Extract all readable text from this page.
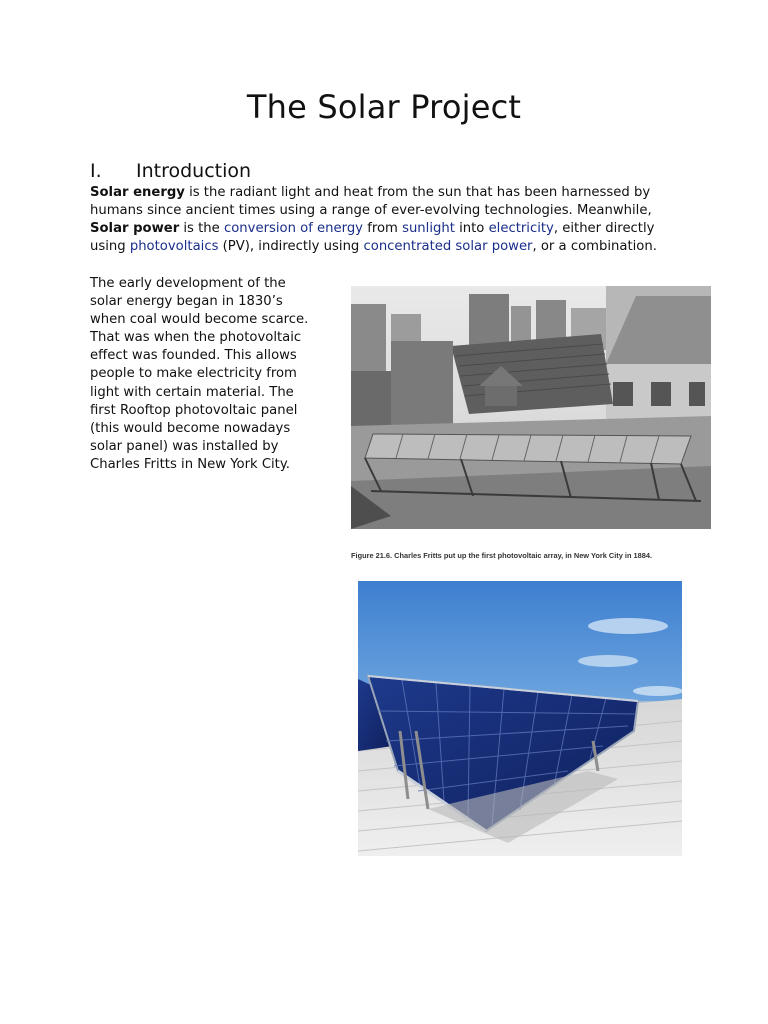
The Solar Project
I. Introduction

Solar energy is the radiant light and heat from the sun that has been harnessed by humans since ancient times using a range of ever-evolving technologies. Meanwhile, Solar power is the conversion of energy from sunlight into electricity, either directly using photovoltaics (PV), indirectly using concentrated solar power, or a combination.

The early development of the solar energy began in 1830’s when coal would become scarce. That was when the photovoltaic effect was founded. This allows people to make electricity from light with certain material. The first Rooftop photovoltaic panel (this would become nowadays solar panel) was installed by Charles Fritts in New York City.

Figure 21.6. Charles Fritts put up the first photovoltaic array, in New York City in 1884.
